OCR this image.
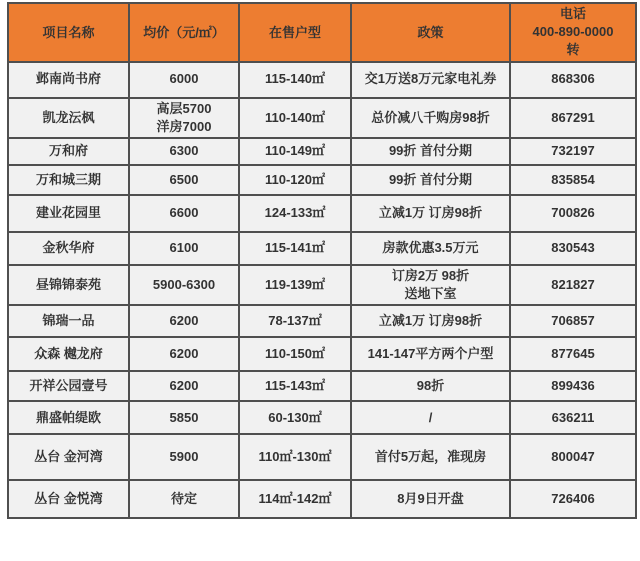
项目名称	均价（元/㎡）	在售户型	政策	电话
400-890-0000
转

邺南尚书府	6000	115-140㎡	交1万送8万元家电礼券	868306

凯龙沄枫	高层5700
洋房7000	110-140㎡	总价减八千购房98折	867291

万和府	6300	110-149㎡	99折 首付分期	732197

万和城三期	6500	110-120㎡	99折 首付分期	835854

建业花园里	6600	124-133㎡	立减1万 订房98折	700826

金秋华府	6100	115-141㎡	房款优惠3.5万元	830543

昼锦锦泰苑	5900-6300	119-139㎡	订房2万 98折
送地下室	821827

锦瑞一品	6200	78-137㎡	立减1万 订房98折	706857

众森 樾龙府	6200	110-150㎡	141-147平方两个户型	877645

开祥公园壹号	6200	115-143㎡	98折	899436

鼎盛帕缇欧	5850	60-130㎡	/	636211

丛台 金河湾	5900	110㎡-130㎡	首付5万起，准现房	800047

丛台 金悦湾	待定	114㎡-142㎡	8月9日开盘	726406
